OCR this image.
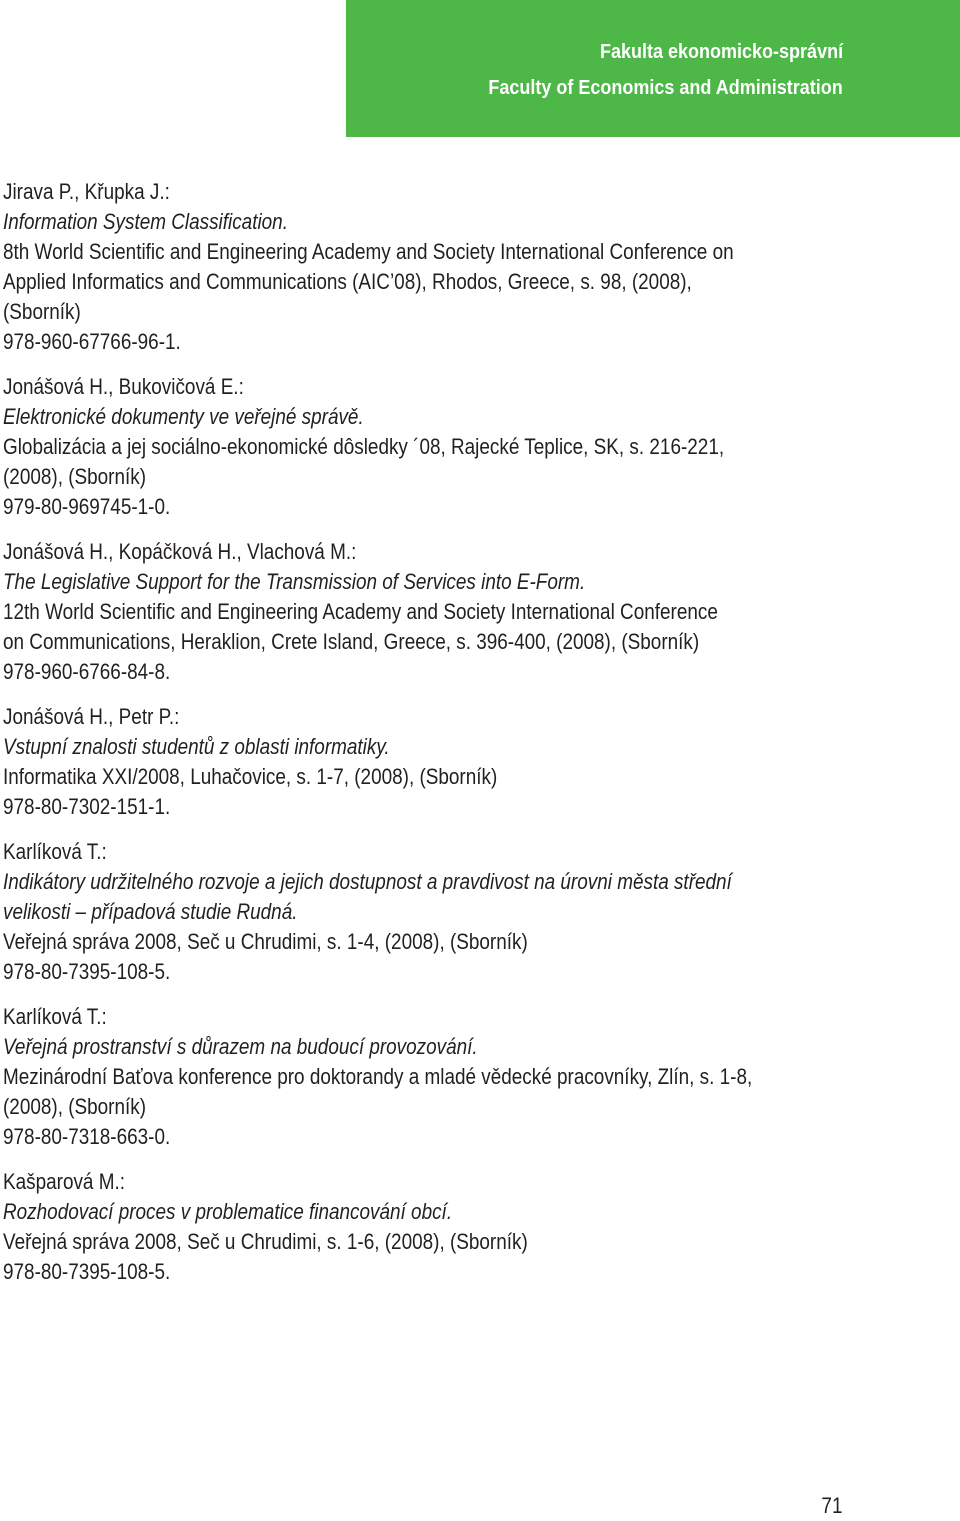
Fakulta ekonomicko-správní
Faculty of Economics and Administration
Jirava P., Křupka J.:
Information System Classification.
8th World Scientific and Engineering Academy and Society International Conference on
Applied Informatics and Communications (AIC’08), Rhodos, Greece, s. 98, (2008),
(Sborník)
978-960-67766-96-1.
Jonášová H., Bukovičová E.:
Elektronické dokumenty ve veřejné správě.
Globalizácia a jej sociálno-ekonomické dôsledky ´08, Rajecké Teplice, SK, s. 216-221,
(2008), (Sborník)
979-80-969745-1-0.
Jonášová H., Kopáčková H., Vlachová M.:
The Legislative Support for the Transmission of Services into E-Form.
12th World Scientific and Engineering Academy and Society International Conference
on Communications, Heraklion, Crete Island, Greece, s. 396-400, (2008), (Sborník)
978-960-6766-84-8.
Jonášová H., Petr P.:
Vstupní znalosti studentů z oblasti informatiky.
Informatika XXI/2008, Luhačovice, s. 1-7, (2008), (Sborník)
978-80-7302-151-1.
Karlíková T.:
Indikátory udržitelného rozvoje a jejich dostupnost a pravdivost na úrovni města střední
velikosti – případová studie Rudná.
Veřejná správa 2008, Seč u Chrudimi, s. 1-4, (2008), (Sborník)
978-80-7395-108-5.
Karlíková T.:
Veřejná prostranství s důrazem na budoucí provozování.
Mezinárodní Baťova konference pro doktorandy a mladé vědecké pracovníky, Zlín, s. 1-8,
(2008), (Sborník)
978-80-7318-663-0.
Kašparová M.:
Rozhodovací proces v problematice financování obcí.
Veřejná správa 2008, Seč u Chrudimi, s. 1-6, (2008), (Sborník)
978-80-7395-108-5.
71
